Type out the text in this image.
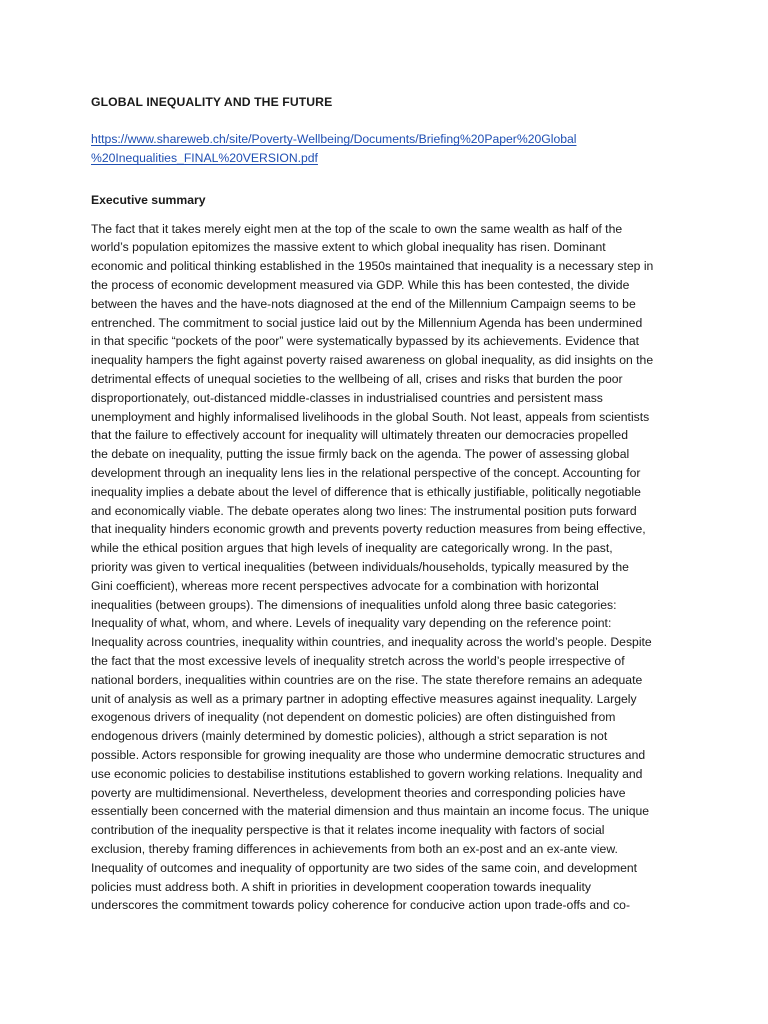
GLOBAL INEQUALITY AND THE FUTURE
https://www.shareweb.ch/site/Poverty-Wellbeing/Documents/Briefing%20Paper%20Global
%20Inequalities_FINAL%20VERSION.pdf
Executive summary
The fact that it takes merely eight men at the top of the scale to own the same wealth as half of the
world’s population epitomizes the massive extent to which global inequality has risen. Dominant
economic and political thinking established in the 1950s maintained that inequality is a necessary step in
the process of economic development measured via GDP. While this has been contested, the divide
between the haves and the have-nots diagnosed at the end of the Millennium Campaign seems to be
entrenched. The commitment to social justice laid out by the Millennium Agenda has been undermined
in that specific “pockets of the poor” were systematically bypassed by its achievements. Evidence that
inequality hampers the fight against poverty raised awareness on global inequality, as did insights on the
detrimental effects of unequal societies to the wellbeing of all, crises and risks that burden the poor
disproportionately, out-distanced middle-classes in industrialised countries and persistent mass
unemployment and highly informalised livelihoods in the global South. Not least, appeals from scientists
that the failure to effectively account for inequality will ultimately threaten our democracies propelled
the debate on inequality, putting the issue firmly back on the agenda. The power of assessing global
development through an inequality lens lies in the relational perspective of the concept. Accounting for
inequality implies a debate about the level of difference that is ethically justifiable, politically negotiable
and economically viable. The debate operates along two lines: The instrumental position puts forward
that inequality hinders economic growth and prevents poverty reduction measures from being effective,
while the ethical position argues that high levels of inequality are categorically wrong. In the past,
priority was given to vertical inequalities (between individuals/households, typically measured by the
Gini coefficient), whereas more recent perspectives advocate for a combination with horizontal
inequalities (between groups). The dimensions of inequalities unfold along three basic categories:
Inequality of what, whom, and where. Levels of inequality vary depending on the reference point:
Inequality across countries, inequality within countries, and inequality across the world’s people. Despite
the fact that the most excessive levels of inequality stretch across the world’s people irrespective of
national borders, inequalities within countries are on the rise. The state therefore remains an adequate
unit of analysis as well as a primary partner in adopting effective measures against inequality. Largely
exogenous drivers of inequality (not dependent on domestic policies) are often distinguished from
endogenous drivers (mainly determined by domestic policies), although a strict separation is not
possible. Actors responsible for growing inequality are those who undermine democratic structures and
use economic policies to destabilise institutions established to govern working relations. Inequality and
poverty are multidimensional. Nevertheless, development theories and corresponding policies have
essentially been concerned with the material dimension and thus maintain an income focus. The unique
contribution of the inequality perspective is that it relates income inequality with factors of social
exclusion, thereby framing differences in achievements from both an ex-post and an ex-ante view.
Inequality of outcomes and inequality of opportunity are two sides of the same coin, and development
policies must address both. A shift in priorities in development cooperation towards inequality
underscores the commitment towards policy coherence for conducive action upon trade-offs and co-
